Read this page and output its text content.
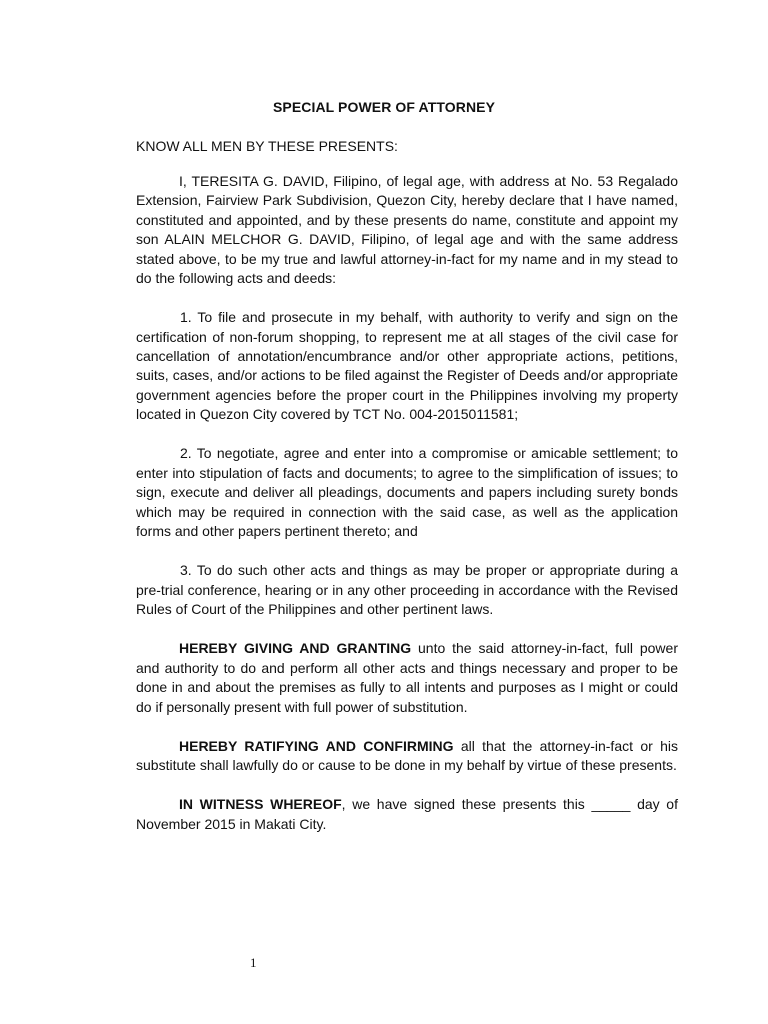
SPECIAL POWER OF ATTORNEY
KNOW ALL MEN BY THESE PRESENTS:

I, TERESITA G. DAVID, Filipino, of legal age, with address at No. 53 Regalado Extension, Fairview Park Subdivision, Quezon City, hereby declare that I have named, constituted and appointed, and by these presents do name, constitute and appoint my son ALAIN MELCHOR G. DAVID, Filipino, of legal age and with the same address stated above, to be my true and lawful attorney-in-fact for my name and in my stead to do the following acts and deeds:

1. To file and prosecute in my behalf, with authority to verify and sign on the certification of non-forum shopping, to represent me at all stages of the civil case for cancellation of annotation/encumbrance and/or other appropriate actions, petitions, suits, cases, and/or actions to be filed against the Register of Deeds and/or appropriate government agencies before the proper court in the Philippines involving my property located in Quezon City covered by TCT No. 004-2015011581;

2. To negotiate, agree and enter into a compromise or amicable settlement; to enter into stipulation of facts and documents; to agree to the simplification of issues; to sign, execute and deliver all pleadings, documents and papers including surety bonds which may be required in connection with the said case, as well as the application forms and other papers pertinent thereto; and

3. To do such other acts and things as may be proper or appropriate during a pre-trial conference, hearing or in any other proceeding in accordance with the Revised Rules of Court of the Philippines and other pertinent laws.

HEREBY GIVING AND GRANTING unto the said attorney-in-fact, full power and authority to do and perform all other acts and things necessary and proper to be done in and about the premises as fully to all intents and purposes as I might or could do if personally present with full power of substitution.

HEREBY RATIFYING AND CONFIRMING all that the attorney-in-fact or his substitute shall lawfully do or cause to be done in my behalf by virtue of these presents.

IN WITNESS WHEREOF, we have signed these presents this _____ day of November 2015 in Makati City.

1
